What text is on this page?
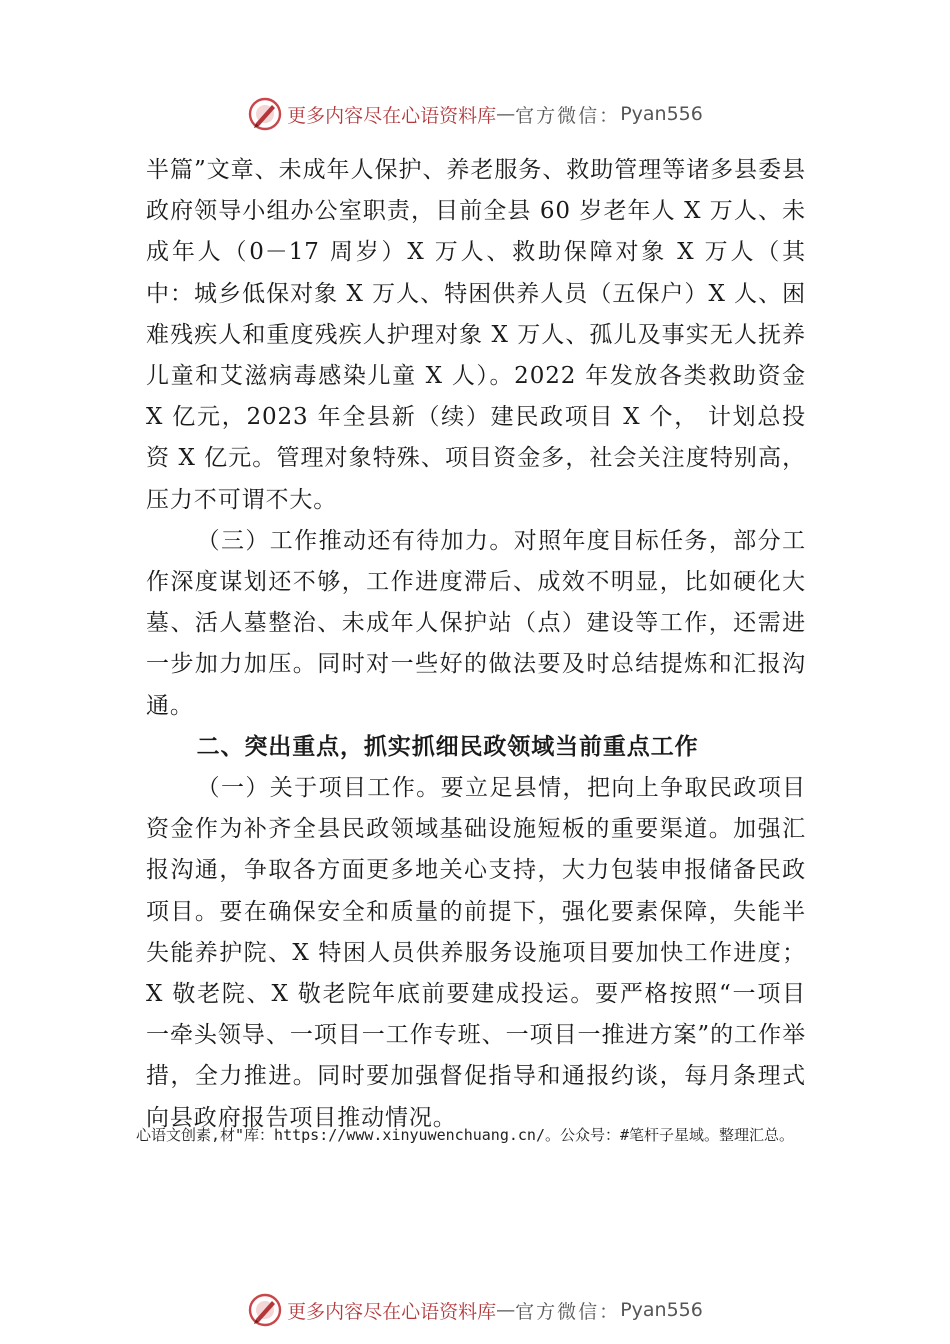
更多内容尽在心语资料库 — 官方微信： Pyan556

半篇”文章、未成年人保护、养老服务、救助管理等诸多县委县政府领导小组办公室职责，目前全县 60 岁老年人 X 万人、未成年人（0－17 周岁）X 万人、救助保障对象 X 万人（其中：城乡低保对象 X 万人、特困供养人员（五保户）X 人、困难残疾人和重度残疾人护理对象 X 万人、孤儿及事实无人抚养儿童和艾滋病毒感染儿童 X 人）。2022 年发放各类救助资金 X 亿元，2023 年全县新（续）建民政项目 X 个， 计划总投资 X 亿元。管理对象特殊、项目资金多，社会关注度特别高，压力不可谓不大。

（三）工作推动还有待加力。对照年度目标任务，部分工作深度谋划还不够，工作进度滞后、成效不明显，比如硬化大墓、活人墓整治、未成年人保护站（点）建设等工作，还需进一步加力加压。同时对一些好的做法要及时总结提炼和汇报沟通。

二、突出重点，抓实抓细民政领域当前重点工作

（一）关于项目工作。要立足县情，把向上争取民政项目资金作为补齐全县民政领域基础设施短板的重要渠道。加强汇报沟通，争取各方面更多地关心支持，大力包装申报储备民政项目。要在确保安全和质量的前提下，强化要素保障，失能半失能养护院、X 特困人员供养服务设施项目要加快工作进度；X 敬老院、X 敬老院年底前要建成投运。要严格按照“一项目一牵头领导、一项目一工作专班、一项目一推进方案”的工作举措，全力推进。同时要加强督促指导和通报约谈，每月条理式向县政府报告项目推动情况。

心语文创素,材"库：https://www.xinyuwenchuang.cn/。公众号：#笔杆子星域。整理汇总。
更多内容尽在心语资料库 — 官方微信： Pyan556
